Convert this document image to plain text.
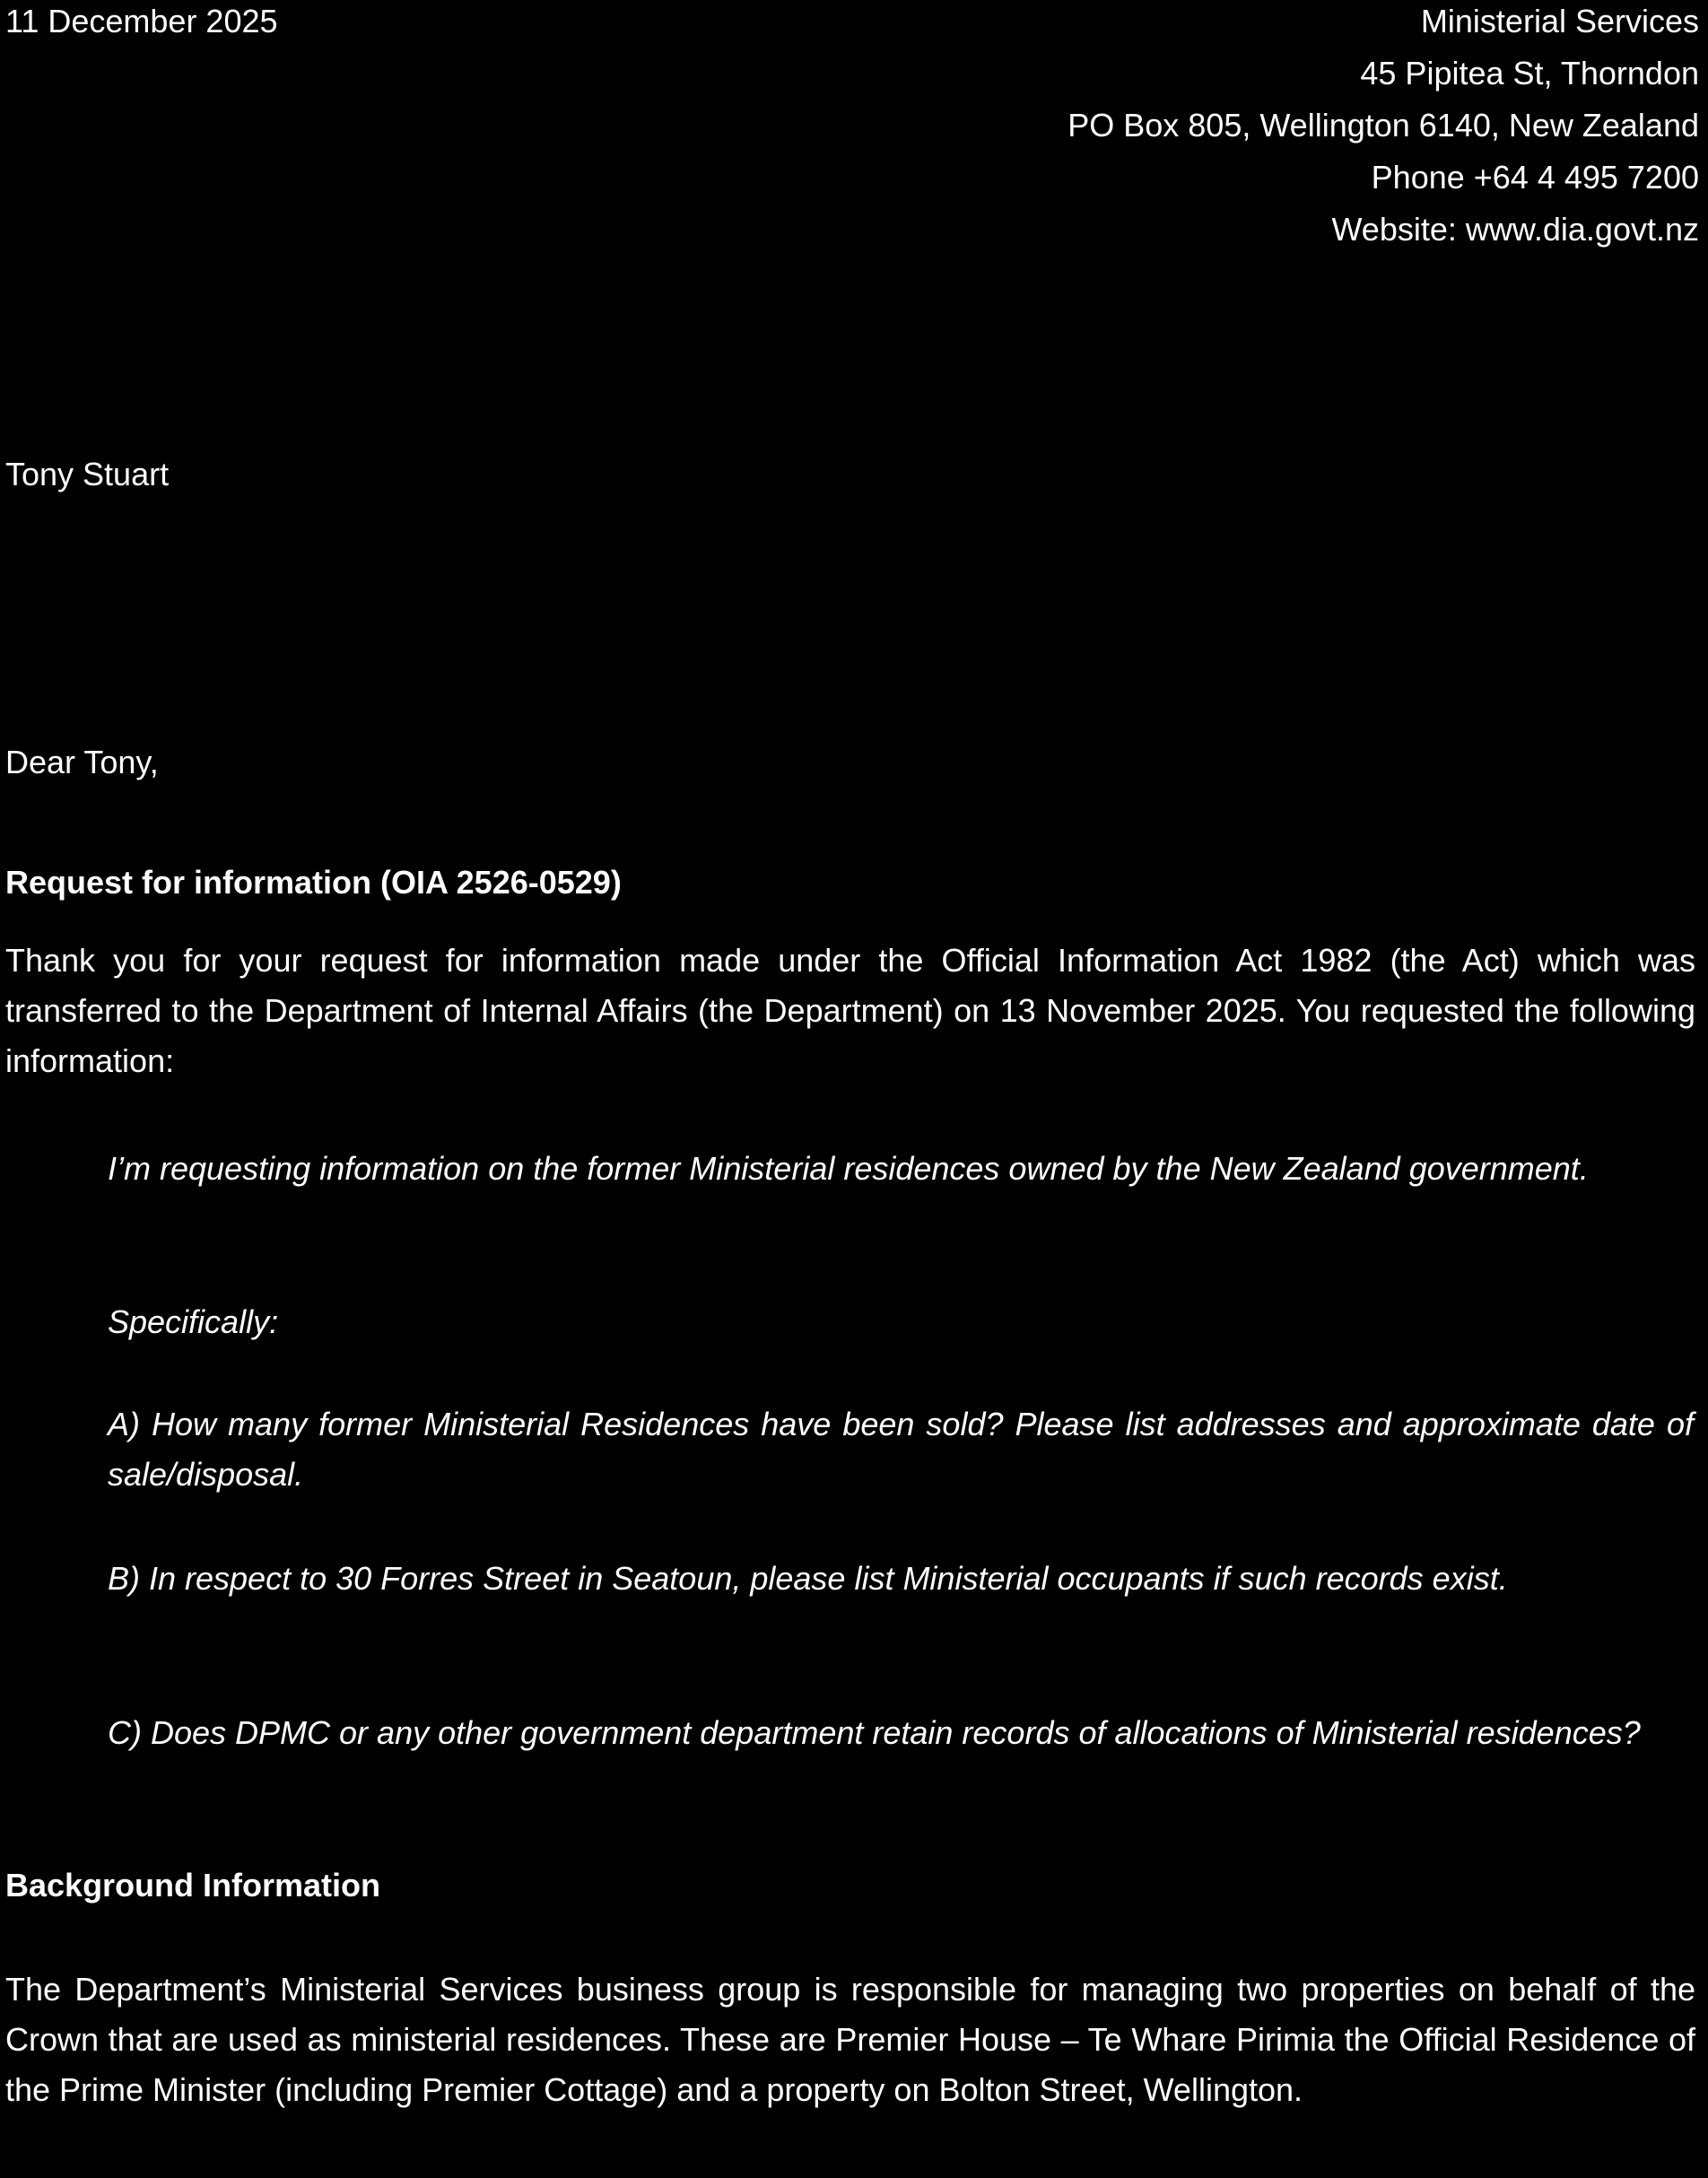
11 December 2025	Ministerial Services
45 Pipitea St, Thorndon
PO Box 805, Wellington 6140, New Zealand
Phone +64 4 495 7200
Website: www.dia.govt.nz
Tony Stuart
Dear Tony,
Request for information (OIA 2526-0529)
Thank you for your request for information made under the Official Information Act 1982 (the Act) which was transferred to the Department of Internal Affairs (the Department) on 13 November 2025. You requested the following information:
I’m requesting information on the former Ministerial residences owned by the New Zealand government.
Specifically:
A) How many former Ministerial Residences have been sold? Please list addresses and approximate date of sale/disposal.
B) In respect to 30 Forres Street in Seatoun, please list Ministerial occupants if such records exist.
C) Does DPMC or any other government department retain records of allocations of Ministerial residences?
Background Information
The Department’s Ministerial Services business group is responsible for managing two properties on behalf of the Crown that are used as ministerial residences. These are Premier House – Te Whare Pirimia the Official Residence of the Prime Minister (including Premier Cottage) and a property on Bolton Street, Wellington.
